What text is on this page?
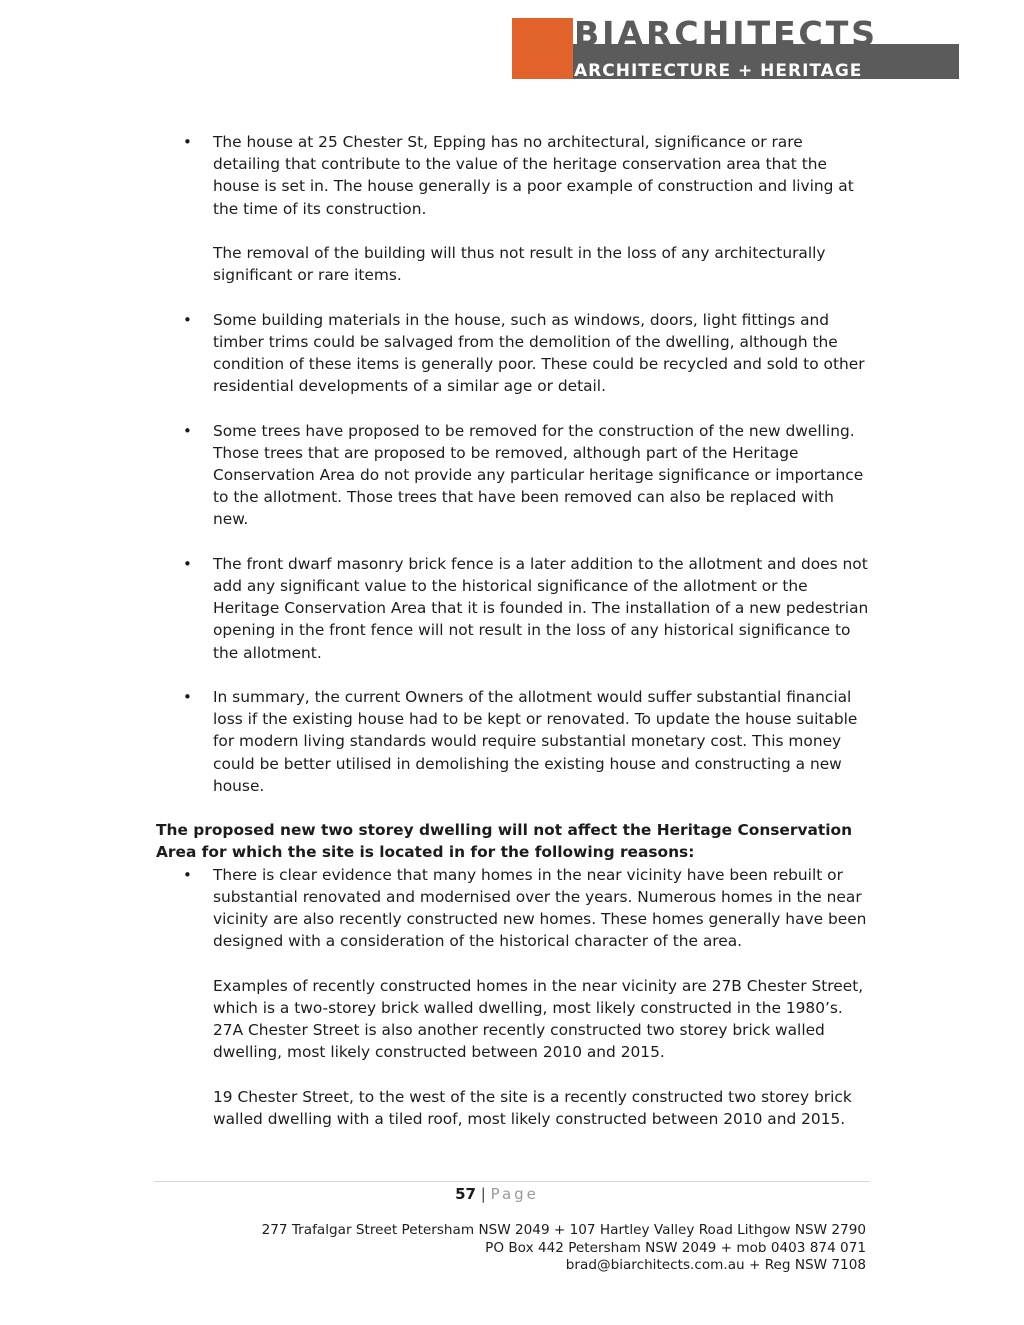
BIARCHITECTS
ARCHITECTURE + HERITAGE
• The house at 25 Chester St, Epping has no architectural, significance or rare detailing that contribute to the value of the heritage conservation area that the house is set in. The house generally is a poor example of construction and living at the time of its construction.

The removal of the building will thus not result in the loss of any architecturally significant or rare items.

• Some building materials in the house, such as windows, doors, light fittings and timber trims could be salvaged from the demolition of the dwelling, although the condition of these items is generally poor. These could be recycled and sold to other residential developments of a similar age or detail.

• Some trees have proposed to be removed for the construction of the new dwelling. Those trees that are proposed to be removed, although part of the Heritage Conservation Area do not provide any particular heritage significance or importance to the allotment. Those trees that have been removed can also be replaced with new.

• The front dwarf masonry brick fence is a later addition to the allotment and does not add any significant value to the historical significance of the allotment or the Heritage Conservation Area that it is founded in. The installation of a new pedestrian opening in the front fence will not result in the loss of any historical significance to the allotment.

• In summary, the current Owners of the allotment would suffer substantial financial loss if the existing house had to be kept or renovated. To update the house suitable for modern living standards would require substantial monetary cost. This money could be better utilised in demolishing the existing house and constructing a new house.

The proposed new two storey dwelling will not affect the Heritage Conservation Area for which the site is located in for the following reasons:

• There is clear evidence that many homes in the near vicinity have been rebuilt or substantial renovated and modernised over the years. Numerous homes in the near vicinity are also recently constructed new homes. These homes generally have been designed with a consideration of the historical character of the area.

Examples of recently constructed homes in the near vicinity are 27B Chester Street, which is a two-storey brick walled dwelling, most likely constructed in the 1980’s. 27A Chester Street is also another recently constructed two storey brick walled dwelling, most likely constructed between 2010 and 2015.

19 Chester Street, to the west of the site is a recently constructed two storey brick walled dwelling with a tiled roof, most likely constructed between 2010 and 2015.

57 | Page
277 Trafalgar Street Petersham NSW 2049 + 107 Hartley Valley Road Lithgow NSW 2790
PO Box 442 Petersham NSW 2049 + mob 0403 874 071
brad@biarchitects.com.au + Reg NSW 7108
